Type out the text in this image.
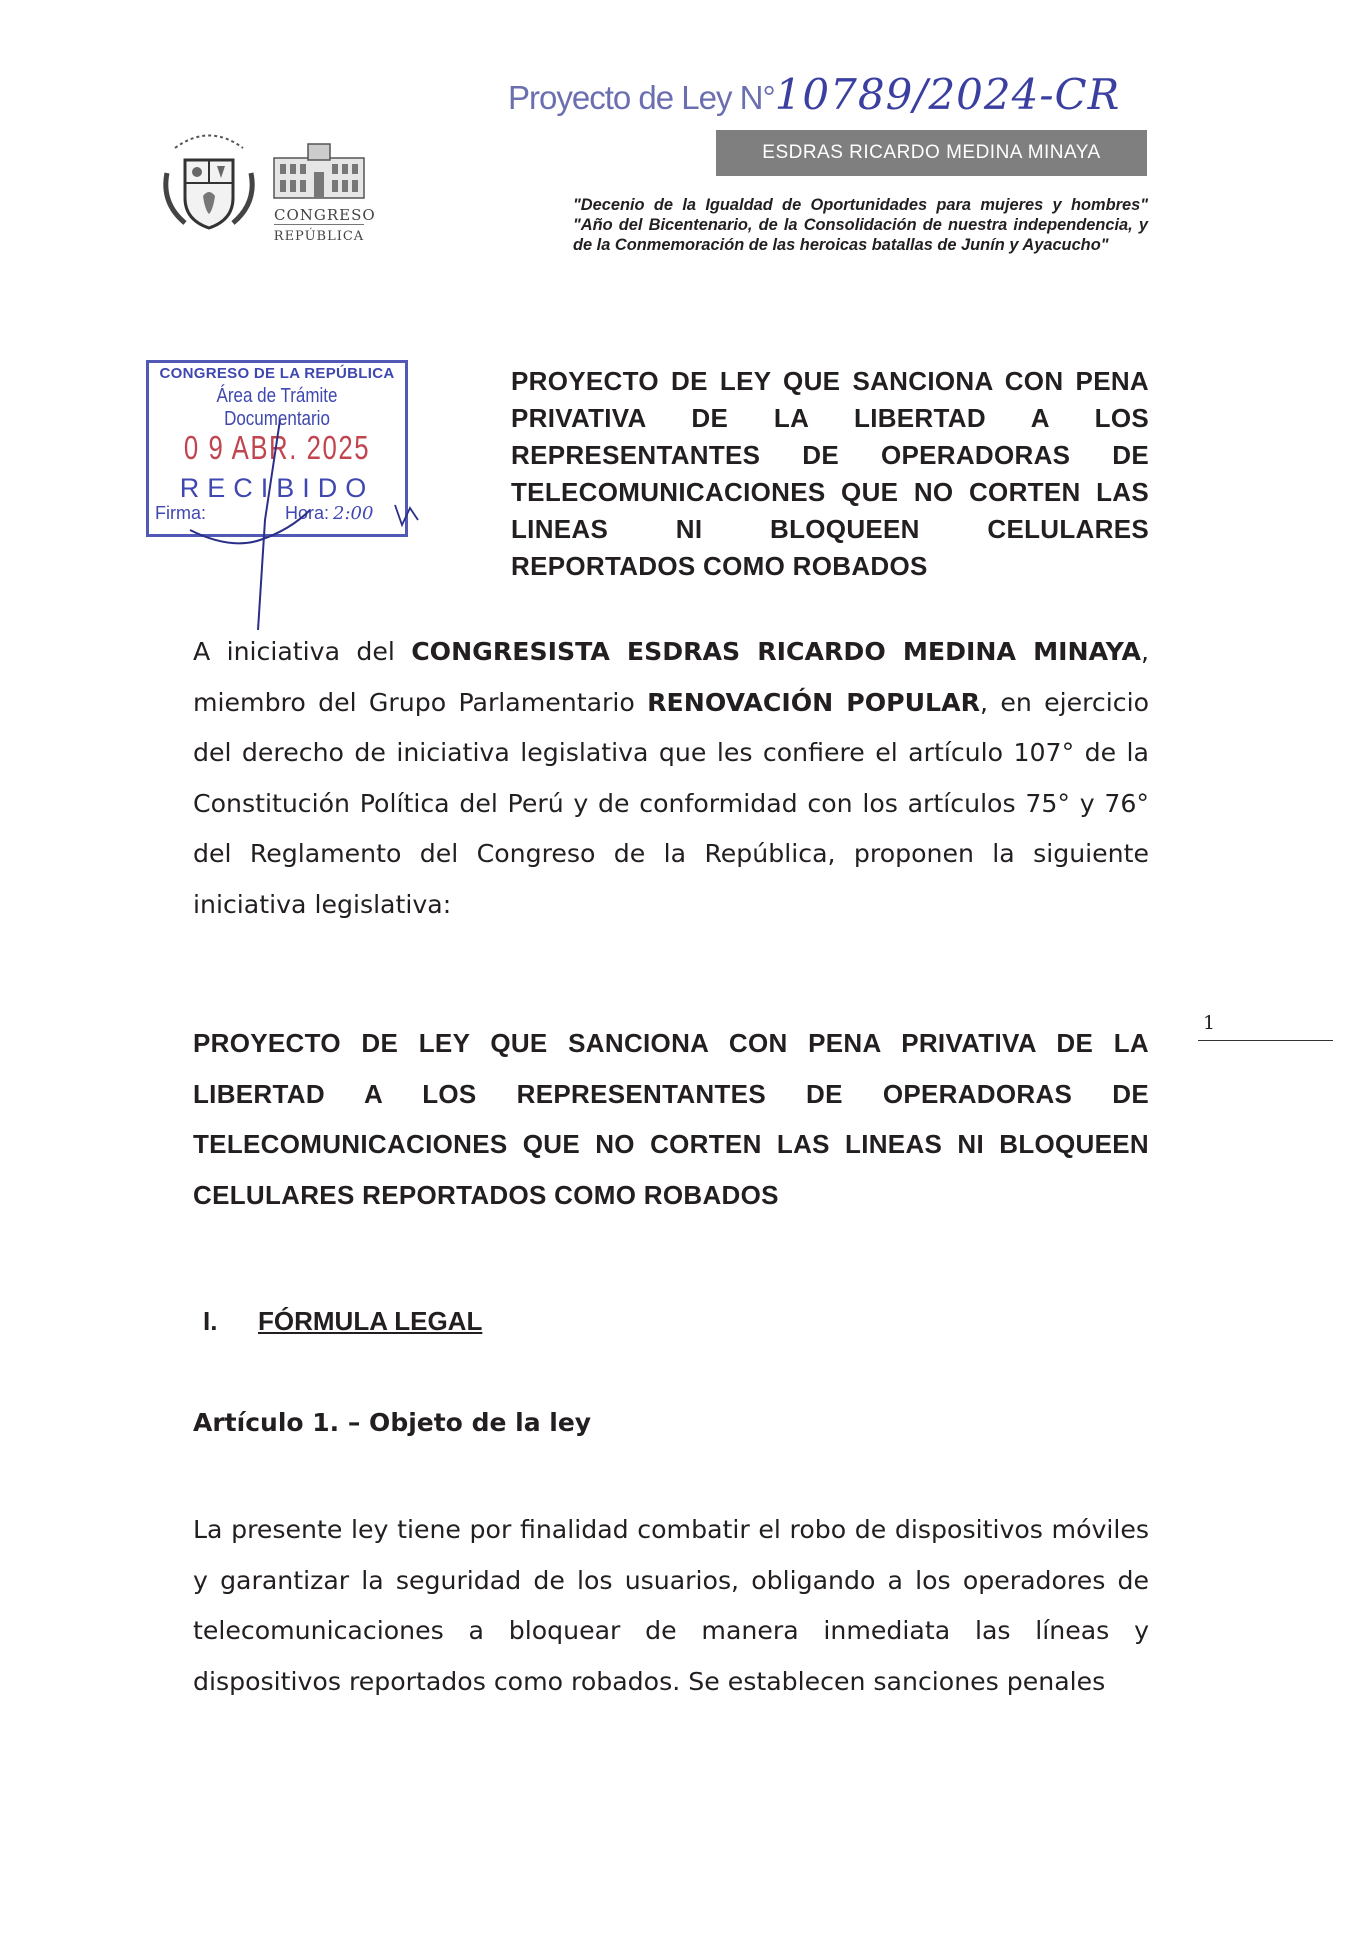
Proyecto de Ley N°10789/2024-CR
ESDRAS RICARDO MEDINA MINAYA
CONGRESO
REPÚBLICA
"Decenio de la Igualdad de Oportunidades para mujeres y hombres" "Año del Bicentenario, de la Consolidación de nuestra independencia, y de la Conmemoración de las heroicas batallas de Junín y Ayacucho"
CONGRESO DE LA REPÚBLICA
Área de Trámite Documentario
0 9 ABR. 2025
RECIBIDO
Firma:	Hora: 2:00
PROYECTO DE LEY QUE SANCIONA CON PENA PRIVATIVA DE LA LIBERTAD A LOS REPRESENTANTES DE OPERADORAS DE TELECOMUNICACIONES QUE NO CORTEN LAS LINEAS NI BLOQUEEN CELULARES REPORTADOS COMO ROBADOS
A iniciativa del CONGRESISTA ESDRAS RICARDO MEDINA MINAYA, miembro del Grupo Parlamentario RENOVACIÓN POPULAR, en ejercicio del derecho de iniciativa legislativa que les confiere el artículo 107° de la Constitución Política del Perú y de conformidad con los artículos 75° y 76° del Reglamento del Congreso de la República, proponen la siguiente iniciativa legislativa:
PROYECTO DE LEY QUE SANCIONA CON PENA PRIVATIVA DE LA LIBERTAD A LOS REPRESENTANTES DE OPERADORAS DE TELECOMUNICACIONES QUE NO CORTEN LAS LINEAS NI BLOQUEEN CELULARES REPORTADOS COMO ROBADOS
1
I. FÓRMULA LEGAL
Artículo 1. – Objeto de la ley
La presente ley tiene por finalidad combatir el robo de dispositivos móviles y garantizar la seguridad de los usuarios, obligando a los operadores de telecomunicaciones a bloquear de manera inmediata las líneas y dispositivos reportados como robados. Se establecen sanciones penales
